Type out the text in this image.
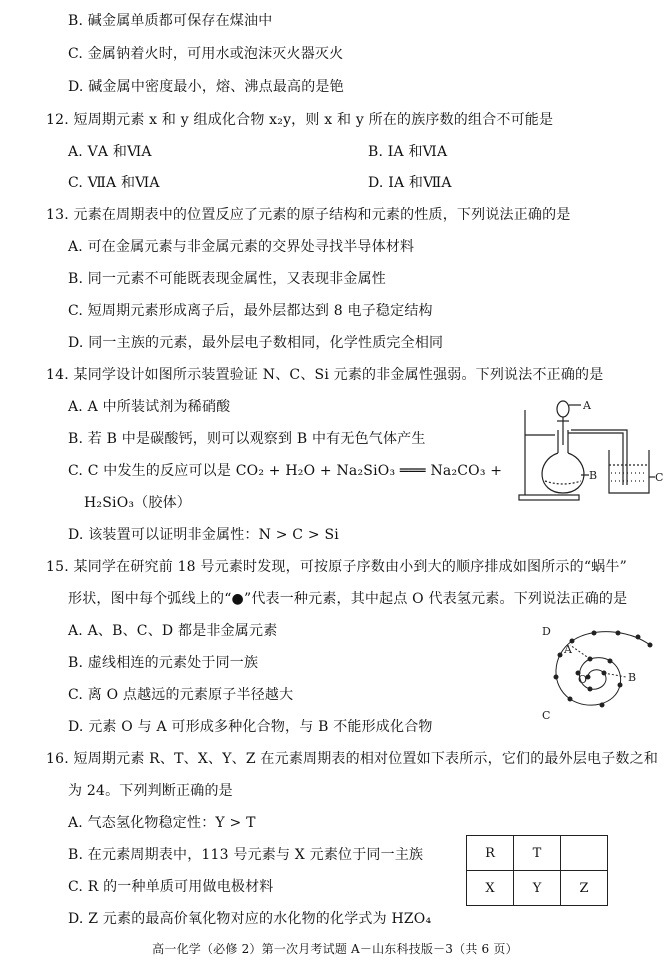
B. 碱金属单质都可保存在煤油中
C. 金属钠着火时，可用水或泡沫灭火器灭火
D. 碱金属中密度最小，熔、沸点最高的是铯
12. 短周期元素 x 和 y 组成化合物 x₂y，则 x 和 y 所在的族序数的组合不可能是
A. ⅤA 和ⅥA	B. ⅠA 和ⅥA
C. ⅦA 和ⅥA	D. ⅠA 和ⅦA
13. 元素在周期表中的位置反应了元素的原子结构和元素的性质，下列说法正确的是
A. 可在金属元素与非金属元素的交界处寻找半导体材料
B. 同一元素不可能既表现金属性，又表现非金属性
C. 短周期元素形成离子后，最外层都达到 8 电子稳定结构
D. 同一主族的元素，最外层电子数相同，化学性质完全相同
14. 某同学设计如图所示装置验证 N、C、Si 元素的非金属性强弱。下列说法不正确的是
A. A 中所装试剂为稀硝酸
B. 若 B 中是碳酸钙，则可以观察到 B 中有无色气体产生
C. C 中发生的反应可以是 CO₂ + H₂O + Na₂SiO₃ ═══ Na₂CO₃ +
H₂SiO₃（胶体）
D. 该装置可以证明非金属性：N > C > Si
15. 某同学在研究前 18 号元素时发现，可按原子序数由小到大的顺序排成如图所示的“蜗牛”
形状，图中每个弧线上的“●”代表一种元素，其中起点 O 代表氢元素。下列说法正确的是
A. A、B、C、D 都是非金属元素
B. 虚线相连的元素处于同一族
C. 离 O 点越远的元素原子半径越大
D. 元素 O 与 A 可形成多种化合物，与 B 不能形成化合物
16. 短周期元素 R、T、X、Y、Z 在元素周期表的相对位置如下表所示，它们的最外层电子数之和
为 24。下列判断正确的是
A. 气态氢化物稳定性：Y > T
B. 在元素周期表中，113 号元素与 X 元素位于同一主族
C. R 的一种单质可用做电极材料
D. Z 元素的最高价氧化物对应的水化物的化学式为 HZO₄
A
B	C
O
A
B
C
D
R	T	
X	Y	Z
高一化学（必修 2）第一次月考试题 A－山东科技版－3（共 6 页）
